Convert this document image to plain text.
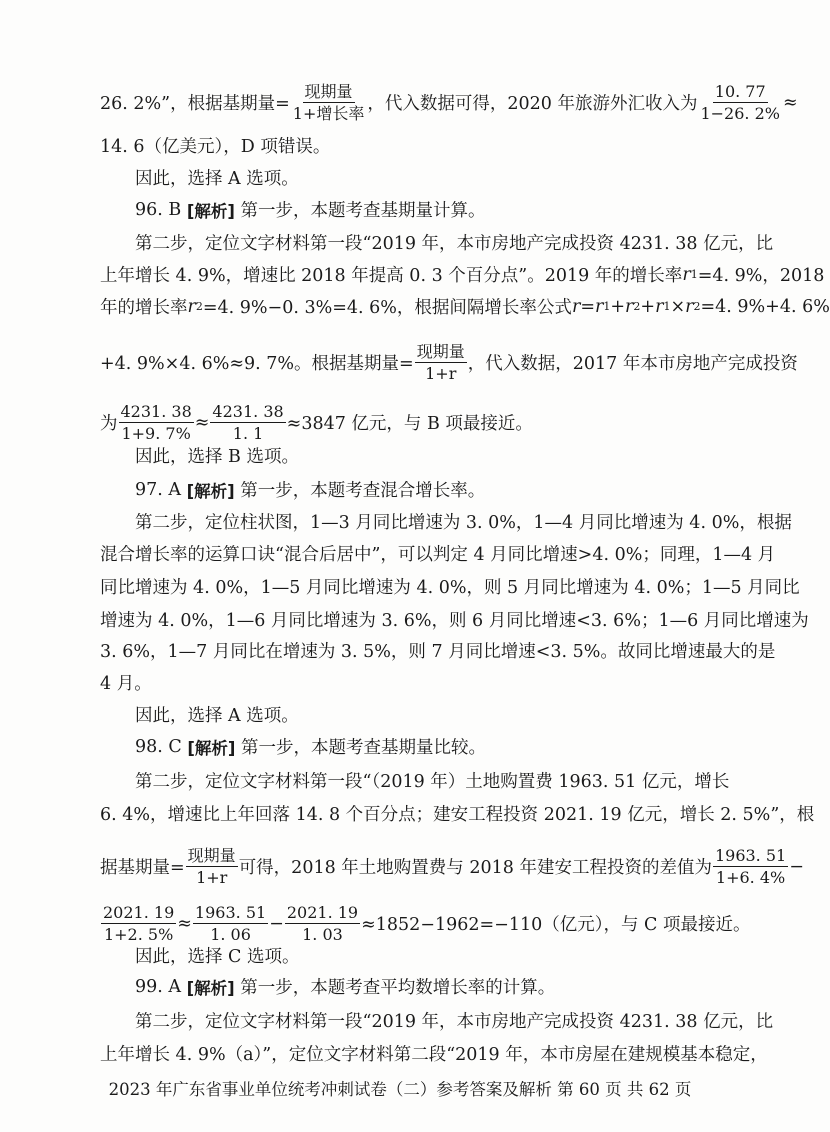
26. 2%”，根据基期量= $\frac{\text{现期量}}{\text{1+增长率}}$ ，代入数据可得，2020 年旅游外汇收入为 $\frac{10. 77}{1-26. 2\%}$ ≈
14. 6（亿美元），D 项错误。
因此，选择 A 选项。
96. B
[解析]
第一步，本题考查基期量计算。
第二步，定位文字材料第一段“2019 年，本市房地产完成投资 4231. 38 亿元，比
上年增长 4. 9%，增速比 2018 年提高 0. 3 个百分点”。2019 年的增长率 r 1 =4. 9%，2018
年的增长率 r 2 =4. 9%−0. 3%=4. 6%，根据间隔增长率公式 r = r 1 + r 2 + r 1 × r 2 =4. 9%+4. 6%
+4. 9%×4. 6%≈9. 7%。根据基期量= $\frac{\text{现期量}}{1+r}$ ，代入数据，2017 年本市房地产完成投资
为 $\frac{4231. 38}{1+9. 7\%} \approx \frac{4231. 38}{1. 1} \approx 3847$ 亿元，与 B 项最接近。
因此，选择 B 选项。
97. A
[解析]
第一步，本题考查混合增长率。
第二步，定位柱状图，1—3 月同比增速为 3. 0%，1—4 月同比增速为 4. 0%，根据
混合增长率的运算口诀“混合后居中”，可以判定 4 月同比增速>4. 0%；同理，1—4 月
同比增速为 4. 0%，1—5 月同比增速为 4. 0%，则 5 月同比增速为 4. 0%；1—5 月同比
增速为 4. 0%，1—6 月同比增速为 3. 6%，则 6 月同比增速<3. 6%；1—6 月同比增速为
3. 6%，1—7 月同比在增速为 3. 5%，则 7 月同比增速<3. 5%。故同比增速最大的是
4 月。
因此，选择 A 选项。
98. C
[解析]
第一步，本题考查基期量比较。
第二步，定位文字材料第一段“（2019 年）土地购置费 1963. 51 亿元，增长
6. 4%，增速比上年回落 14. 8 个百分点；建安工程投资 2021. 19 亿元，增长 2. 5%”，根
据基期量= $\frac{\text{现期量}}{1+r}$ 可得，2018 年土地购置费与 2018 年建安工程投资的差值为 $\frac{1963. 51}{1+6. 4\%}$ −
$\frac{2021. 19}{1+2. 5\%} \approx \frac{1963. 51}{1. 06} - \frac{2021. 19}{1. 03} \approx 1852-1962=-110$（亿元），与 C 项最接近。
因此，选择 C 选项。
99. A
[解析]
第一步，本题考查平均数增长率的计算。
第二步，定位文字材料第一段“2019 年，本市房地产完成投资 4231. 38 亿元，比
上年增长 4. 9%（a）”，定位文字材料第二段“2019 年，本市房屋在建规模基本稳定，
2023 年广东省事业单位统考冲刺试卷（二）参考答案及解析 第 60 页 共 62 页
